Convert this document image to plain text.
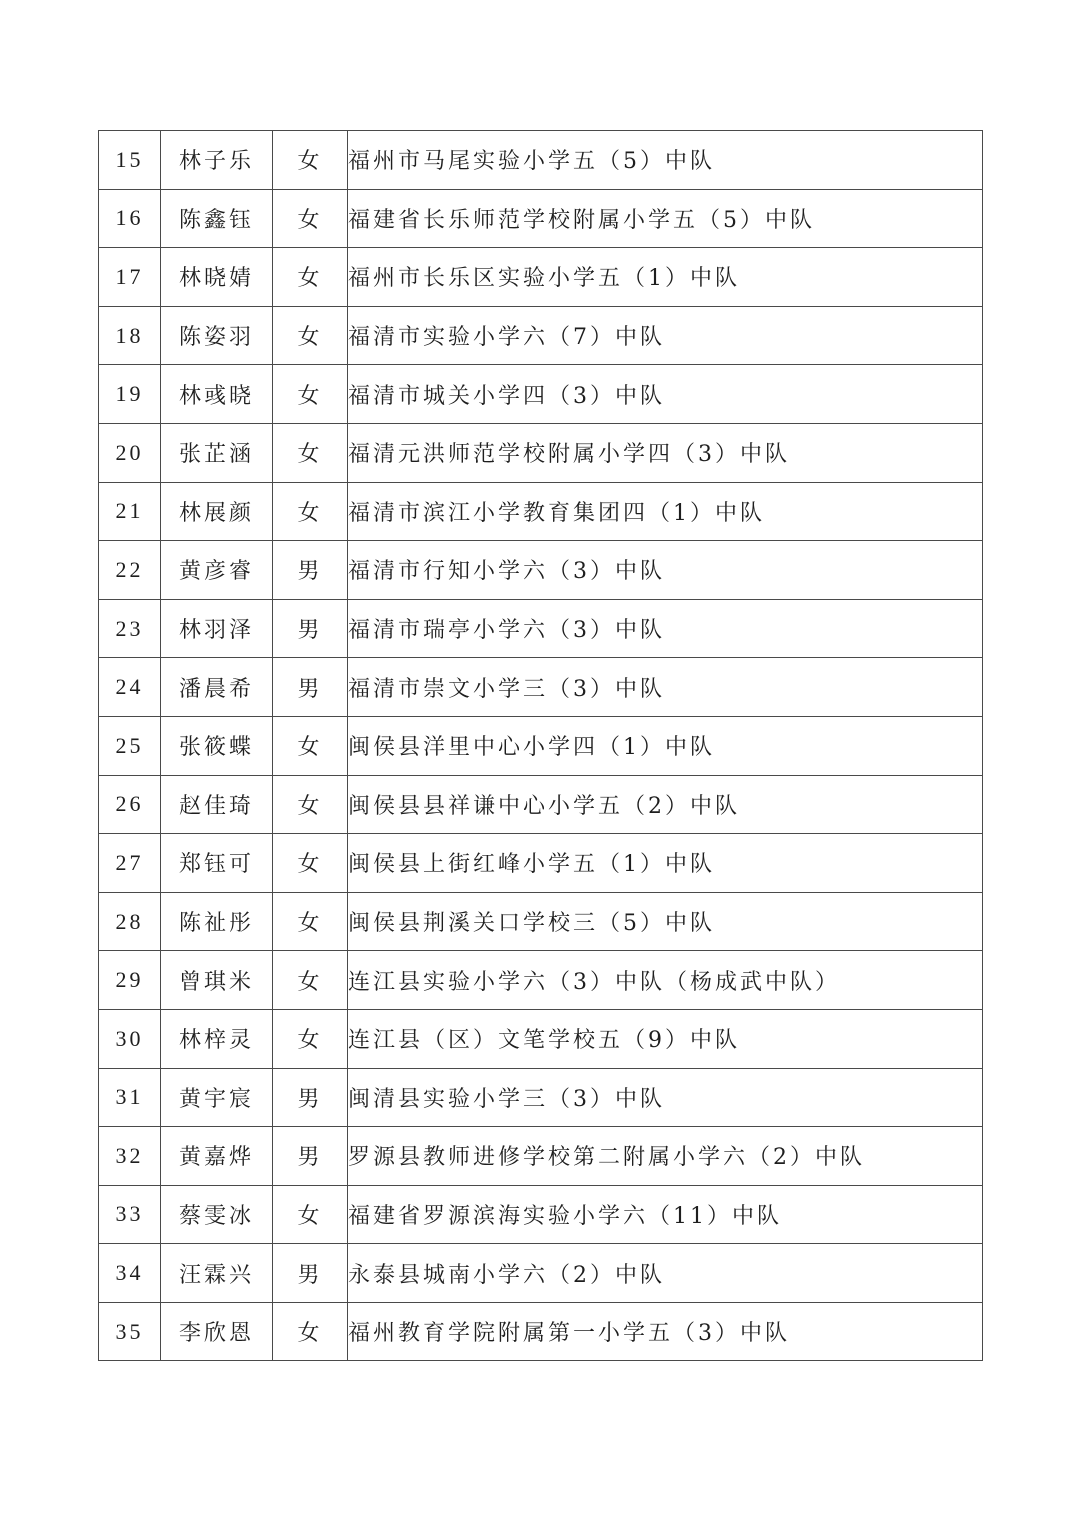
15	林子乐	女	福州市马尾实验小学五（5）中队
16	陈鑫钰	女	福建省长乐师范学校附属小学五（5）中队
17	林晓婧	女	福州市长乐区实验小学五（1）中队
18	陈姿羽	女	福清市实验小学六（7）中队
19	林彧晓	女	福清市城关小学四（3）中队
20	张芷涵	女	福清元洪师范学校附属小学四（3）中队
21	林展颜	女	福清市滨江小学教育集团四（1）中队
22	黄彦睿	男	福清市行知小学六（3）中队
23	林羽泽	男	福清市瑞亭小学六（3）中队
24	潘晨希	男	福清市崇文小学三（3）中队
25	张筱蝶	女	闽侯县洋里中心小学四（1）中队
26	赵佳琦	女	闽侯县县祥谦中心小学五（2）中队
27	郑钰可	女	闽侯县上街红峰小学五（1）中队
28	陈祉彤	女	闽侯县荆溪关口学校三（5）中队
29	曾琪米	女	连江县实验小学六（3）中队（杨成武中队）
30	林梓灵	女	连江县（区）文笔学校五（9）中队
31	黄宇宸	男	闽清县实验小学三（3）中队
32	黄嘉烨	男	罗源县教师进修学校第二附属小学六（2）中队
33	蔡雯冰	女	福建省罗源滨海实验小学六（11）中队
34	汪霖兴	男	永泰县城南小学六（2）中队
35	李欣恩	女	福州教育学院附属第一小学五（3）中队
